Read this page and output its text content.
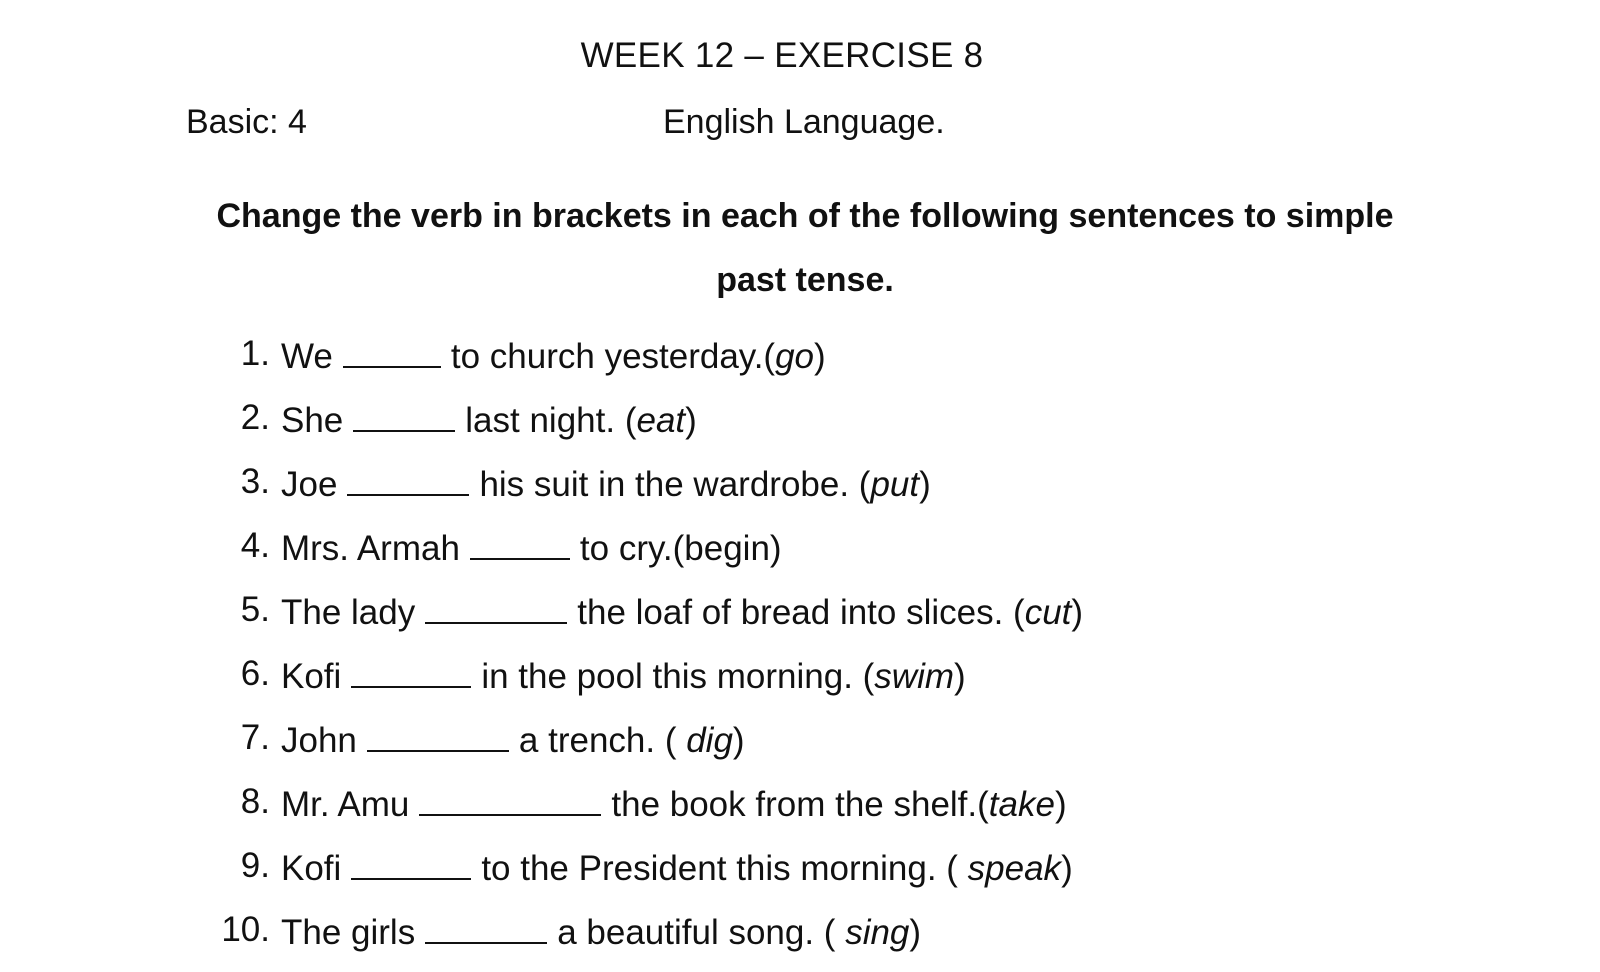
WEEK 12 – EXERCISE 8
Basic: 4	English Language.
Change the verb in brackets in each of the following sentences to simple past tense.
1. We	to church yesterday.(go)
2. She	last night. (eat)
3. Joe	his suit in the wardrobe. (put)
4. Mrs. Armah	to cry.(begin)
5. The lady	the loaf of bread into slices. (cut)
6. Kofi	in the pool this morning. (swim)
7. John	a trench. ( dig)
8. Mr. Amu	the book from the shelf.(take)
9. Kofi	to the President this morning. ( speak)
10. The girls	a beautiful song. ( sing)
